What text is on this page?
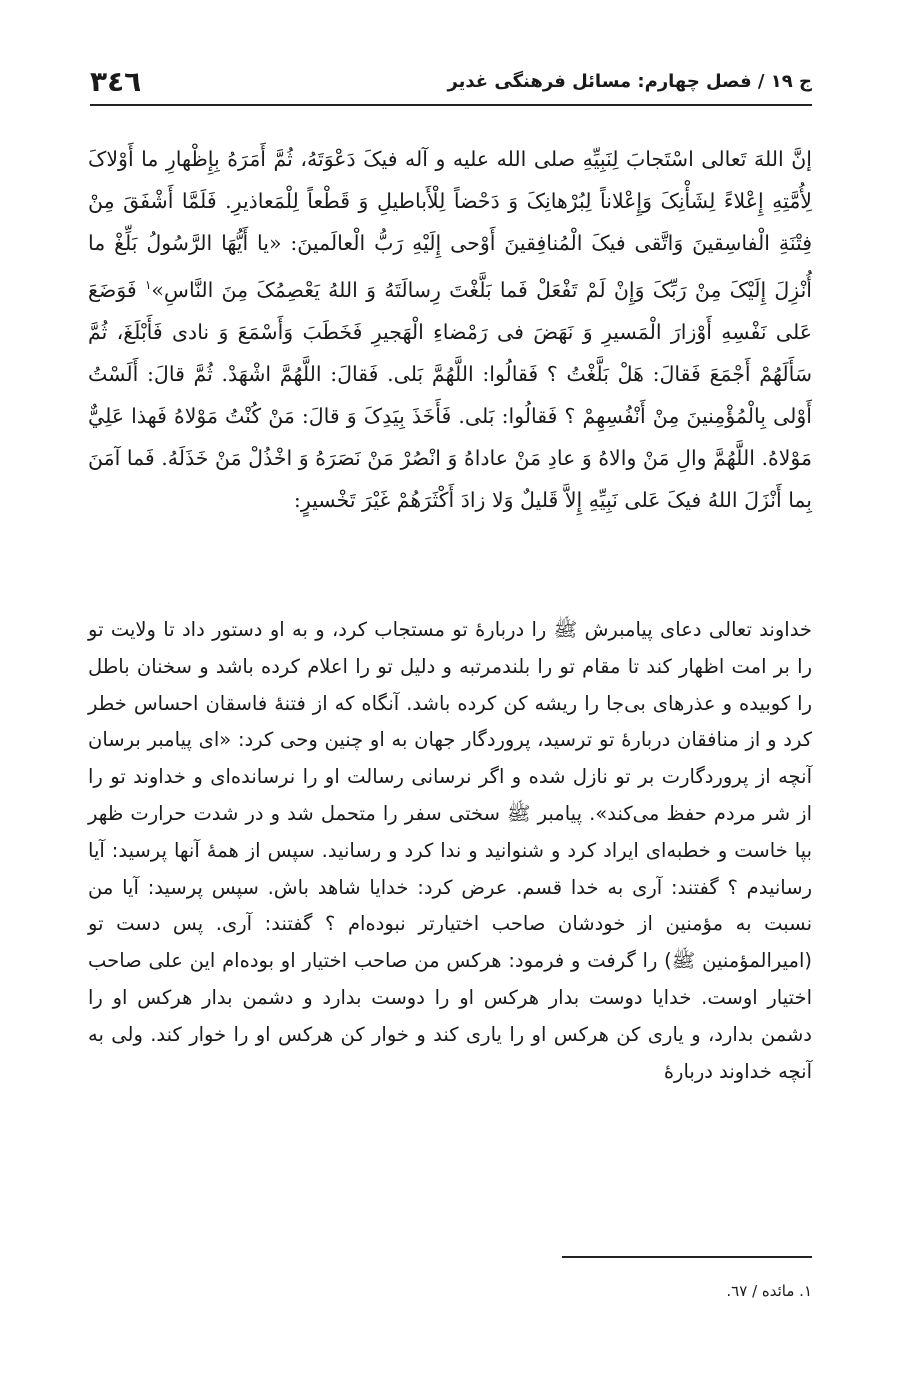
ج ١٩ / فصل چهارم: مسائل فرهنگی غدیر
٣٤٦
إنَّ اللهَ تَعالى اسْتَجابَ لِنَبِيِّهِ صلى الله عليه و آله فيکَ دَعْوَتَهُ، ثُمَّ أَمَرَهُ بِإِظْهارِ ما أَوْلاکَ لِأُمَّتِهِ إِعْلاءً لِشَأْنِکَ وَإِعْلاناً لِبُرْهانِکَ وَ دَحْضاً لِلْأَباطيلِ وَ قَطْعاً لِلْمَعاذيرِ. فَلَمَّا أَشْفَقَ مِنْ فِتْنَةِ الْفاسِقينَ وَاتَّقى فيکَ الْمُنافِقينَ أَوْحى إِلَيْهِ رَبُّ الْعالَمينَ: «يا أَيُّهَا الرَّسُولُ بَلِّغْ ما أُنْزِلَ إِلَيْکَ مِنْ رَبِّکَ وَإِنْ لَمْ تَفْعَلْ فَما بَلَّغْتَ رِسالَتَهُ وَ اللهُ يَعْصِمُکَ مِنَ النَّاسِ»$^١$ فَوَضَعَ عَلى نَفْسِهِ أَوْزارَ الْمَسيرِ وَ نَهَضَ فى رَمْضاءِ الْهَجيرِ فَخَطَبَ وَأَسْمَعَ وَ نادى فَأَبْلَغَ، ثُمَّ سَأَلَهُمْ أَجْمَعَ فَقالَ: هَلْ بَلَّغْتُ ؟ فَقالُوا: اللَّهُمَّ بَلى. فَقالَ: اللَّهُمَّ اشْهَدْ. ثُمَّ قالَ: أَلَسْتُ أَوْلى بِالْمُؤْمِنينَ مِنْ أَنْفُسِهِمْ ؟ فَقالُوا: بَلى. فَأَخَذَ بِيَدِکَ وَ قالَ: مَنْ کُنْتُ مَوْلاهُ فَهذا عَلِيٌّ مَوْلاهُ. اللَّهُمَّ والِ مَنْ والاهُ وَ عادِ مَنْ عاداهُ وَ انْصُرْ مَنْ نَصَرَهُ وَ اخْذُلْ مَنْ خَذَلَهُ. فَما آمَنَ بِما أَنْزَلَ اللهُ فيکَ عَلى نَبِيِّهِ إِلاَّ قَليلٌ وَلا زادَ أَکْثَرَهُمْ غَيْرَ تَخْسيرٍ:
خداوند تعالی دعای پیامبرش ﷺ را دربارهٔ تو مستجاب کرد، و به او دستور داد تا ولایت تو را بر امت اظهار کند تا مقام تو را بلندمرتبه و دلیل تو را اعلام کرده باشد و سخنان باطل را کوبیده و عذرهای بی‌جا را ریشه کن کرده باشد. آنگاه که از فتنهٔ فاسقان احساس خطر کرد و از منافقان دربارهٔ تو ترسید، پروردگار جهان به او چنین وحی کرد: «ای پیامبر برسان آنچه از پروردگارت بر تو نازل شده و اگر نرسانی رسالت او را نرسانده‌ای و خداوند تو را از شر مردم حفظ می‌کند». پیامبر ﷺ سختی سفر را متحمل شد و در شدت حرارت ظهر بپا خاست و خطبه‌ای ایراد کرد و شنوانید و ندا کرد و رسانید. سپس از همهٔ آنها پرسید: آیا رسانیدم ؟ گفتند: آری به خدا قسم. عرض کرد: خدایا شاهد باش. سپس پرسید: آیا من نسبت به مؤمنین از خودشان صاحب اختیارتر نبوده‌ام ؟ گفتند: آری. پس دست تو (امیرالمؤمنین ﷺ) را گرفت و فرمود: هرکس من صاحب اختیار او بوده‌ام این علی صاحب اختیار اوست. خدایا دوست بدار هرکس او را دوست بدارد و دشمن بدار هرکس او را دشمن بدارد، و یاری کن هرکس او را یاری کند و خوار کن هرکس او را خوار کند. ولی به آنچه خداوند دربارهٔ
١. مائده / ٦٧.
